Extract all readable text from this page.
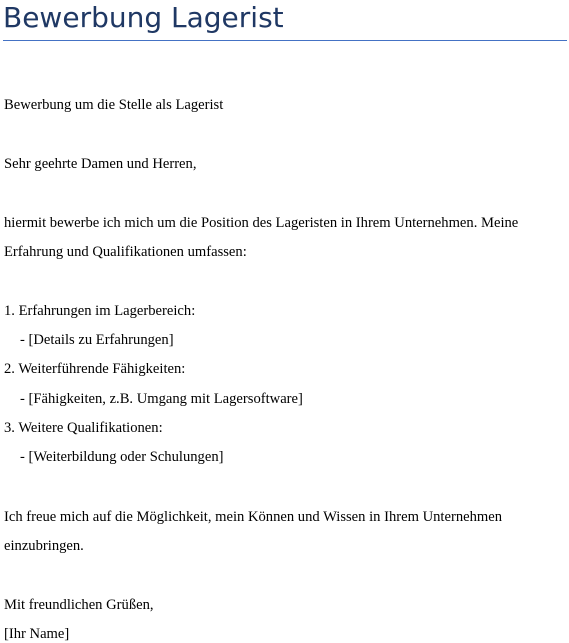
Bewerbung Lagerist

Bewerbung um die Stelle als Lagerist

Sehr geehrte Damen und Herren,

hiermit bewerbe ich mich um die Position des Lageristen in Ihrem Unternehmen. Meine

Erfahrung und Qualifikationen umfassen:

1. Erfahrungen im Lagerbereich:

- [Details zu Erfahrungen]

2. Weiterführende Fähigkeiten:

- [Fähigkeiten, z.B. Umgang mit Lagersoftware]

3. Weitere Qualifikationen:

- [Weiterbildung oder Schulungen]

Ich freue mich auf die Möglichkeit, mein Können und Wissen in Ihrem Unternehmen

einzubringen.

Mit freundlichen Grüßen,

[Ihr Name]
